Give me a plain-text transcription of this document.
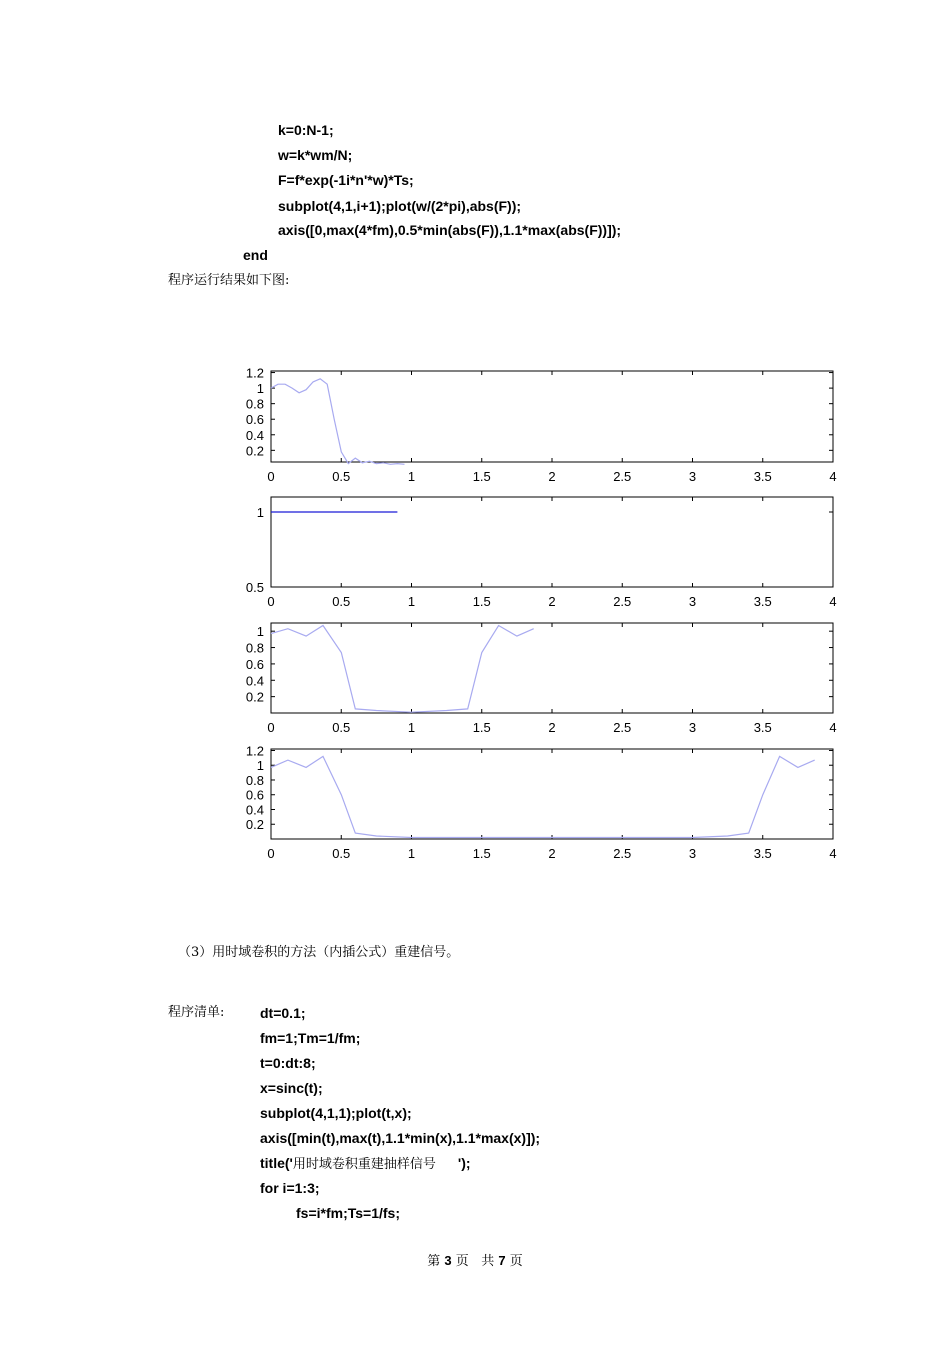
k=0:N-1;
w=k*wm/N;
F=f*exp(-1i*n'*w)*Ts;
subplot(4,1,i+1);plot(w/(2*pi),abs(F));
axis([0,max(4*fm),0.5*min(abs(F)),1.1*max(abs(F))]);
end
程序运行结果如下图:
0	0.5	1	1.5	2	2.5	3	3.5	4
0.2
0.4
0.6
0.8
1
1.2
0	0.5	1	1.5	2	2.5	3	3.5	4
0.5
1
0	0.5	1	1.5	2	2.5	3	3.5	4
0.2
0.4
0.6
0.8
1
0	0.5	1	1.5	2	2.5	3	3.5	4
0.2
0.4
0.6
0.8
1
1.2
（3）用时域卷积的方法（内插公式）重建信号。
程序清单:	dt=0.1;
fm=1;Tm=1/fm;
t=0:dt:8;
x=sinc(t);
subplot(4,1,1);plot(t,x);
axis([min(t),max(t),1.1*min(x),1.1*max(x)]);
title('用时域卷积重建抽样信号 ');
for i=1:3;
fs=i*fm;Ts=1/fs;
第 3 页 共 7 页
